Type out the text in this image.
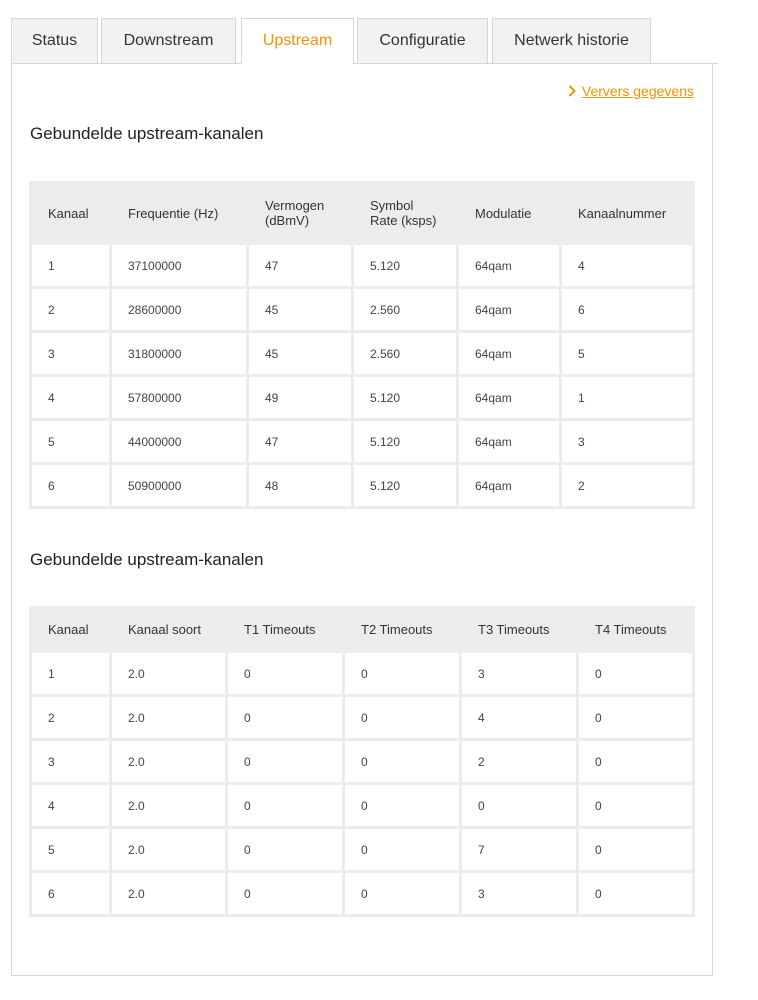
Status	Downstream	Upstream	Configuratie	Netwerk historie
Ververs gegevens
Gebundelde upstream-kanalen
Kanaal	Frequentie (Hz)	Vermogen (dBmV)	Symbol Rate (ksps)	Modulatie	Kanaalnummer
1	37100000	47	5.120	64qam	4
2	28600000	45	2.560	64qam	6
3	31800000	45	2.560	64qam	5
4	57800000	49	5.120	64qam	1
5	44000000	47	5.120	64qam	3
6	50900000	48	5.120	64qam	2
Gebundelde upstream-kanalen
Kanaal	Kanaal soort	T1 Timeouts	T2 Timeouts	T3 Timeouts	T4 Timeouts
1	2.0	0	0	3	0
2	2.0	0	0	4	0
3	2.0	0	0	2	0
4	2.0	0	0	0	0
5	2.0	0	0	7	0
6	2.0	0	0	3	0
